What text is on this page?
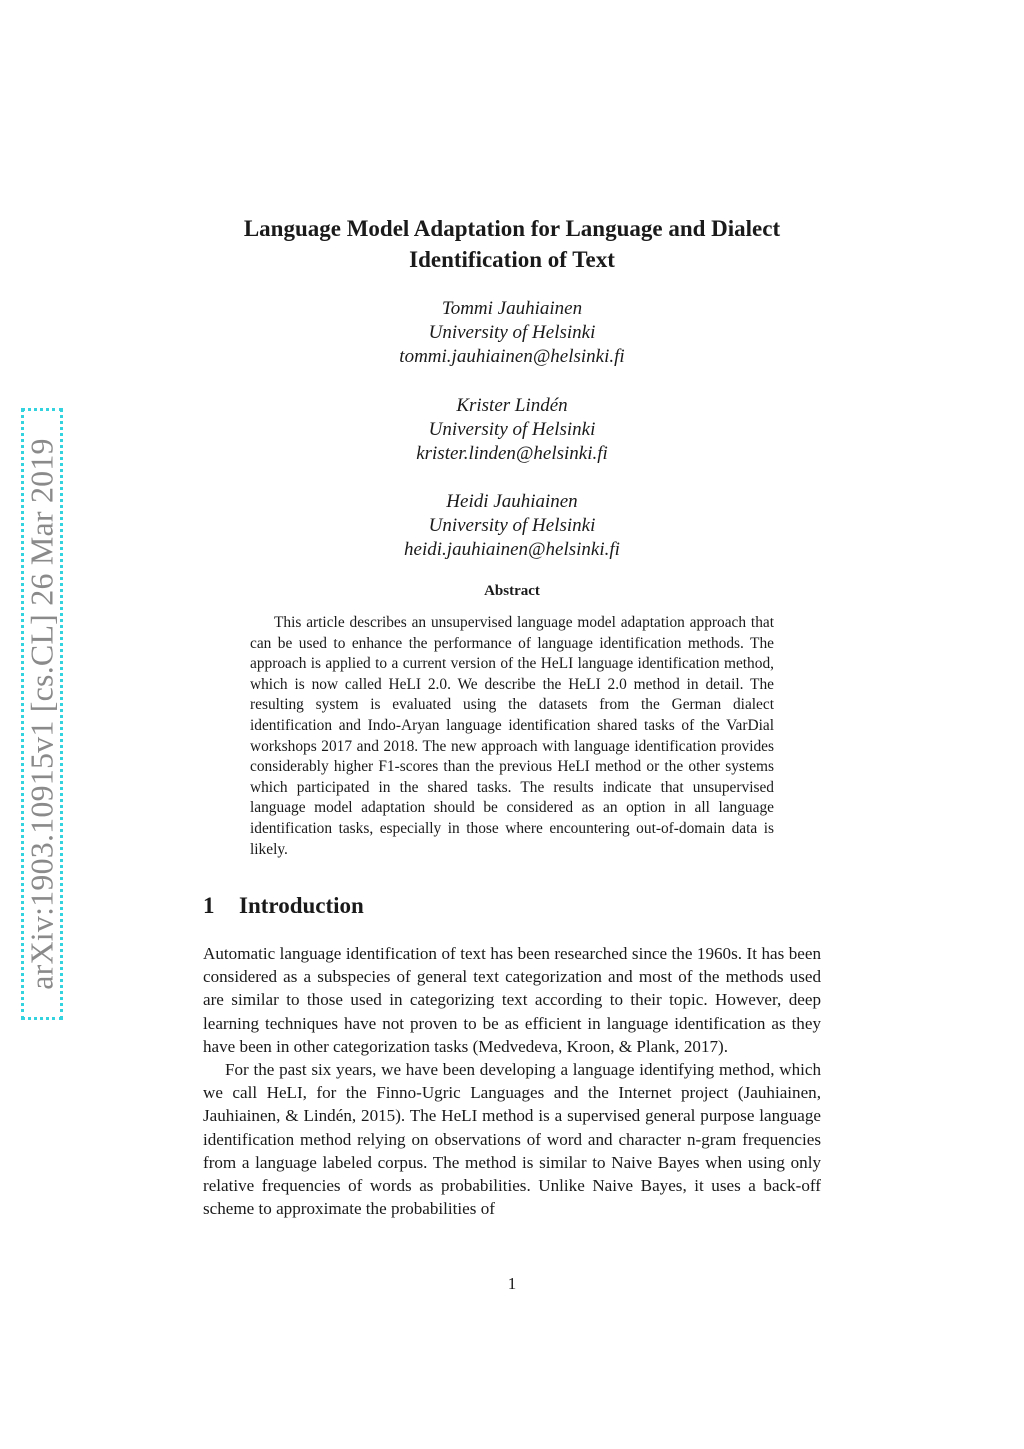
arXiv:1903.10915v1 [cs.CL] 26 Mar 2019
Language Model Adaptation for Language and Dialect
Identification of Text
Tommi Jauhiainen
University of Helsinki
tommi.jauhiainen@helsinki.fi
Krister Lindén
University of Helsinki
krister.linden@helsinki.fi
Heidi Jauhiainen
University of Helsinki
heidi.jauhiainen@helsinki.fi
Abstract
This article describes an unsupervised language model adaptation approach that can be used to enhance the performance of language identification methods. The approach is applied to a current version of the HeLI language identification method, which is now called HeLI 2.0. We describe the HeLI 2.0 method in detail. The resulting system is evaluated using the datasets from the German dialect identification and Indo-Aryan language identification shared tasks of the VarDial workshops 2017 and 2018. The new approach with language identification provides considerably higher F1-scores than the previous HeLI method or the other systems which participated in the shared tasks. The results indicate that unsupervised language model adaptation should be considered as an option in all language identification tasks, especially in those where encountering out-of-domain data is likely.
1 Introduction

Automatic language identification of text has been researched since the 1960s. It has been considered as a subspecies of general text categorization and most of the methods used are similar to those used in categorizing text according to their topic. However, deep learning techniques have not proven to be as efficient in language identification as they have been in other categorization tasks (Medvedeva, Kroon, & Plank, 2017).

For the past six years, we have been developing a language identifying method, which we call HeLI, for the Finno-Ugric Languages and the Internet project (Jauhiainen, Jauhiainen, & Lindén, 2015). The HeLI method is a supervised general purpose language identification method relying on observations of word and character n-gram frequencies from a language labeled corpus. The method is similar to Naive Bayes when using only relative frequencies of words as probabilities. Unlike Naive Bayes, it uses a back-off scheme to approximate the probabilities of

1
